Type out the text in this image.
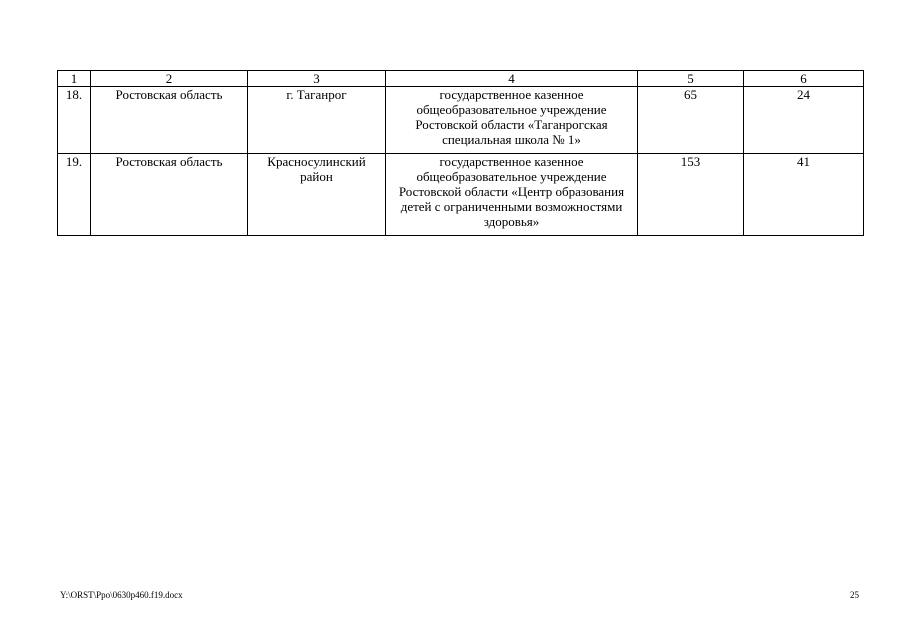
1	2	3	4	5	6
18.	Ростовская область	г. Таганрог	государственное казенное общеобразовательное учреждение Ростовской области «Таганрогская специальная школа № 1»	65	24
19.	Ростовская область	Красносулинский район	государственное казенное общеобразовательное учреждение Ростовской области «Центр образования детей с ограниченными возможностями здоровья»	153	41
Y:\ORST\Ppo\0630p460.f19.docx	25
